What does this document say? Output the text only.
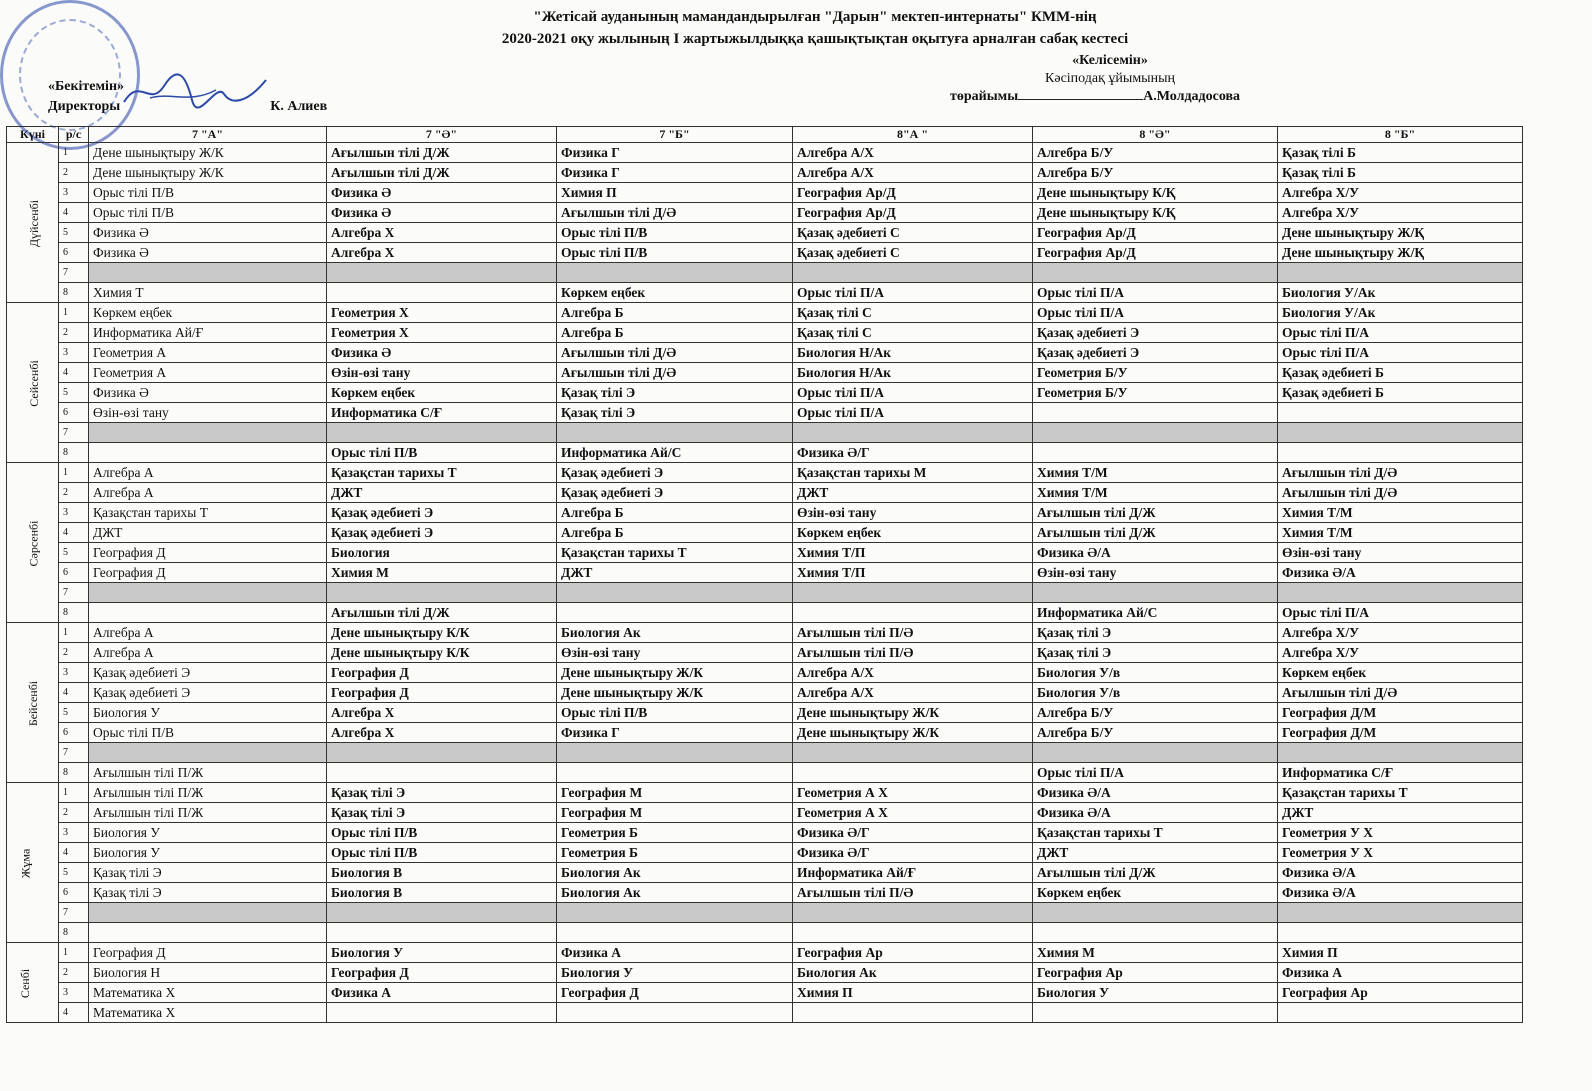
"Жетісай ауданының мамандандырылған "Дарын" мектеп-интернаты" КММ-нің
2020-2021 оқу жылының І жартыжылдыққа қашықтықтан оқытуға арналған сабақ кестесі
«Бекітемін»
Директоры	К. Алиев
«Келісемін»
Кәсіподақ ұйымының
төрайымы	А.Молдадосова
Күні	р/с	7 "А"	7 "Ә"	7 "Б"	8"А "	8 "Ә"	8 "Б"
Дүйсенбі	1	Дене шынықтыру Ж/К	Ағылшын тілі Д/Ж	Физика Г	Алгебра А/Х	Алгебра Б/У	Қазақ тілі Б
	2	Дене шынықтыру Ж/К	Ағылшын тілі Д/Ж	Физика Г	Алгебра А/Х	Алгебра Б/У	Қазақ тілі Б
	3	Орыс тілі П/В	Физика Ә	Химия П	География Ар/Д	Дене шынықтыру К/Қ	Алгебра Х/У
	4	Орыс тілі П/В	Физика Ә	Ағылшын тілі Д/Ә	География Ар/Д	Дене шынықтыру К/Қ	Алгебра Х/У
	5	Физика Ә	Алгебра Х	Орыс тілі П/В	Қазақ әдебиеті С	География Ар/Д	Дене шынықтыру Ж/Қ
	6	Физика Ә	Алгебра Х	Орыс тілі П/В	Қазақ әдебиеті С	География Ар/Д	Дене шынықтыру Ж/Қ
	7						
	8	Химия Т		Көркем еңбек	Орыс тілі П/А	Орыс тілі П/А	Биология У/Ак
Сейсенбі	1	Көркем еңбек	Геометрия Х	Алгебра Б	Қазақ тілі С	Орыс тілі П/А	Биология У/Ак
	2	Информатика Ай/Ғ	Геометрия Х	Алгебра Б	Қазақ тілі С	Қазақ әдебиеті Э	Орыс тілі П/А
	3	Геометрия А	Физика Ә	Ағылшын тілі Д/Ә	Биология Н/Ак	Қазақ әдебиеті Э	Орыс тілі П/А
	4	Геометрия А	Өзін-өзі тану	Ағылшын тілі Д/Ә	Биология Н/Ак	Геометрия Б/У	Қазақ әдебиеті Б
	5	Физика Ә	Көркем еңбек	Қазақ тілі Э	Орыс тілі П/А	Геометрия Б/У	Қазақ әдебиеті Б
	6	Өзін-өзі тану	Информатика С/Ғ	Қазақ тілі Э	Орыс тілі П/А		
	7						
	8		Орыс тілі П/В	Информатика Ай/С	Физика Ә/Г		
Сәрсенбі	1	Алгебра А	Қазақстан тарихы Т	Қазақ әдебиеті Э	Қазақстан тарихы М	Химия Т/М	Ағылшын тілі Д/Ә
	2	Алгебра А	ДЖТ	Қазақ әдебиеті Э	ДЖТ	Химия Т/М	Ағылшын тілі Д/Ә
	3	Қазақстан тарихы Т	Қазақ әдебиеті Э	Алгебра Б	Өзін-өзі тану	Ағылшын тілі Д/Ж	Химия Т/М
	4	ДЖТ	Қазақ әдебиеті Э	Алгебра Б	Көркем еңбек	Ағылшын тілі Д/Ж	Химия Т/М
	5	География Д	Биология	Қазақстан тарихы Т	Химия Т/П	Физика Ә/А	Өзін-өзі тану
	6	География Д	Химия М	ДЖТ	Химия Т/П	Өзін-өзі тану	Физика Ә/А
	7						
	8		Ағылшын тілі Д/Ж			Информатика Ай/С	Орыс тілі П/А
Бейсенбі	1	Алгебра А	Дене шынықтыру К/К	Биология Ак	Ағылшын тілі П/Ә	Қазақ тілі Э	Алгебра Х/У
	2	Алгебра А	Дене шынықтыру К/К	Өзін-өзі тану	Ағылшын тілі П/Ә	Қазақ тілі Э	Алгебра Х/У
	3	Қазақ әдебиеті Э	География Д	Дене шынықтыру Ж/К	Алгебра А/Х	Биология У/в	Көркем еңбек
	4	Қазақ әдебиеті Э	География Д	Дене шынықтыру Ж/К	Алгебра А/Х	Биология У/в	Ағылшын тілі Д/Ә
	5	Биология У	Алгебра Х	Орыс тілі П/В	Дене шынықтыру Ж/К	Алгебра Б/У	География Д/М
	6	Орыс тілі П/В	Алгебра Х	Физика Г	Дене шынықтыру Ж/К	Алгебра Б/У	География Д/М
	7						
	8	Ағылшын тілі П/Ж				Орыс тілі П/А	Информатика С/Ғ
Жұма	1	Ағылшын тілі П/Ж	Қазақ тілі Э	География М	Геометрия А Х	Физика Ә/А	Қазақстан тарихы Т
	2	Ағылшын тілі П/Ж	Қазақ тілі Э	География М	Геометрия А Х	Физика Ә/А	ДЖТ
	3	Биология У	Орыс тілі П/В	Геометрия Б	Физика Ә/Г	Қазақстан тарихы Т	Геометрия У Х
	4	Биология У	Орыс тілі П/В	Геометрия Б	Физика Ә/Г	ДЖТ	Геометрия У Х
	5	Қазақ тілі Э	Биология В	Биология Ак	Информатика Ай/Ғ	Ағылшын тілі Д/Ж	Физика Ә/А
	6	Қазақ тілі Э	Биология В	Биология Ак	Ағылшын тілі П/Ә	Көркем еңбек	Физика Ә/А
	7						
	8						
Сенбі	1	География Д	Биология У	Физика А	География Ар	Химия М	Химия П
	2	Биология Н	География Д	Биология У	Биология Ак	География Ар	Физика А
	3	Математика Х	Физика А	География Д	Химия П	Биология У	География Ар
	4	Математика Х					
